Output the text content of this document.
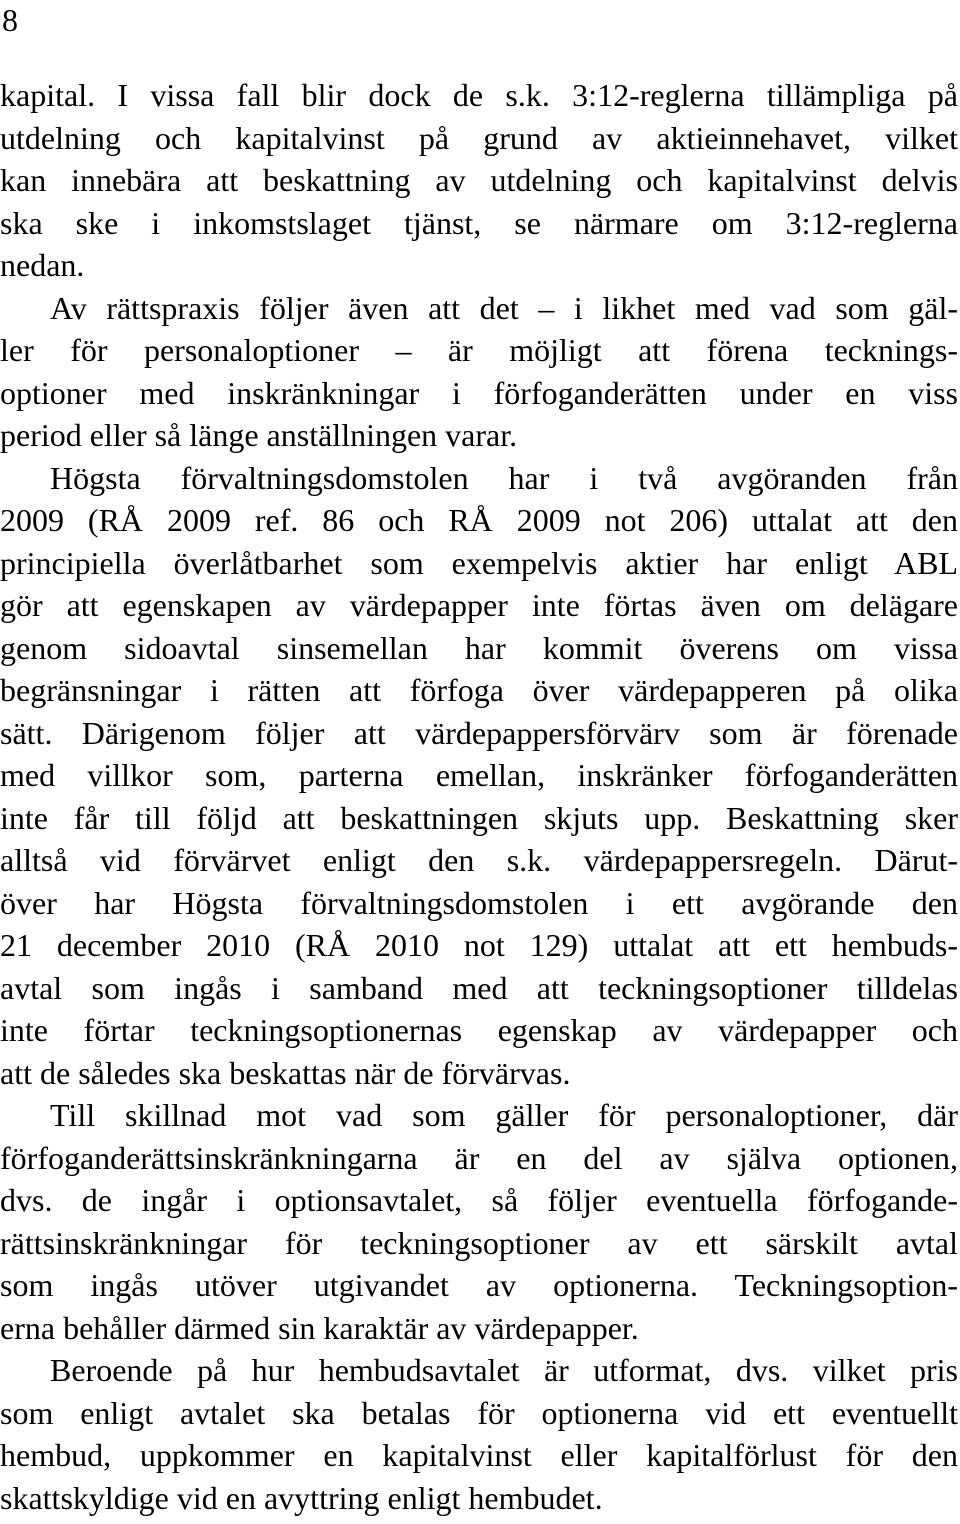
8
kapital. I vissa fall blir dock de s.k. 3:12-reglerna tillämpliga på
utdelning och kapitalvinst på grund av aktieinnehavet, vilket
kan innebära att beskattning av utdelning och kapitalvinst delvis
ska ske i inkomstslaget tjänst, se närmare om 3:12-reglerna
nedan.
Av rättspraxis följer även att det – i likhet med vad som gäl-
ler för personaloptioner – är möjligt att förena tecknings-
optioner med inskränkningar i förfoganderätten under en viss
period eller så länge anställningen varar.
Högsta förvaltningsdomstolen har i två avgöranden från
2009 (RÅ 2009 ref. 86 och RÅ 2009 not 206) uttalat att den
principiella överlåtbarhet som exempelvis aktier har enligt ABL
gör att egenskapen av värdepapper inte förtas även om delägare
genom sidoavtal sinsemellan har kommit överens om vissa
begränsningar i rätten att förfoga över värdepapperen på olika
sätt. Därigenom följer att värdepappersförvärv som är förenade
med villkor som, parterna emellan, inskränker förfoganderätten
inte får till följd att beskattningen skjuts upp. Beskattning sker
alltså vid förvärvet enligt den s.k. värdepappersregeln. Därut-
över har Högsta förvaltningsdomstolen i ett avgörande den
21 december 2010 (RÅ 2010 not 129) uttalat att ett hembuds-
avtal som ingås i samband med att teckningsoptioner tilldelas
inte förtar teckningsoptionernas egenskap av värdepapper och
att de således ska beskattas när de förvärvas.
Till skillnad mot vad som gäller för personaloptioner, där
förfoganderättsinskränkningarna är en del av själva optionen,
dvs. de ingår i optionsavtalet, så följer eventuella förfogande-
rättsinskränkningar för teckningsoptioner av ett särskilt avtal
som ingås utöver utgivandet av optionerna. Teckningsoption-
erna behåller därmed sin karaktär av värdepapper.
Beroende på hur hembudsavtalet är utformat, dvs. vilket pris
som enligt avtalet ska betalas för optionerna vid ett eventuellt
hembud, uppkommer en kapitalvinst eller kapitalförlust för den
skattskyldige vid en avyttring enligt hembudet.
